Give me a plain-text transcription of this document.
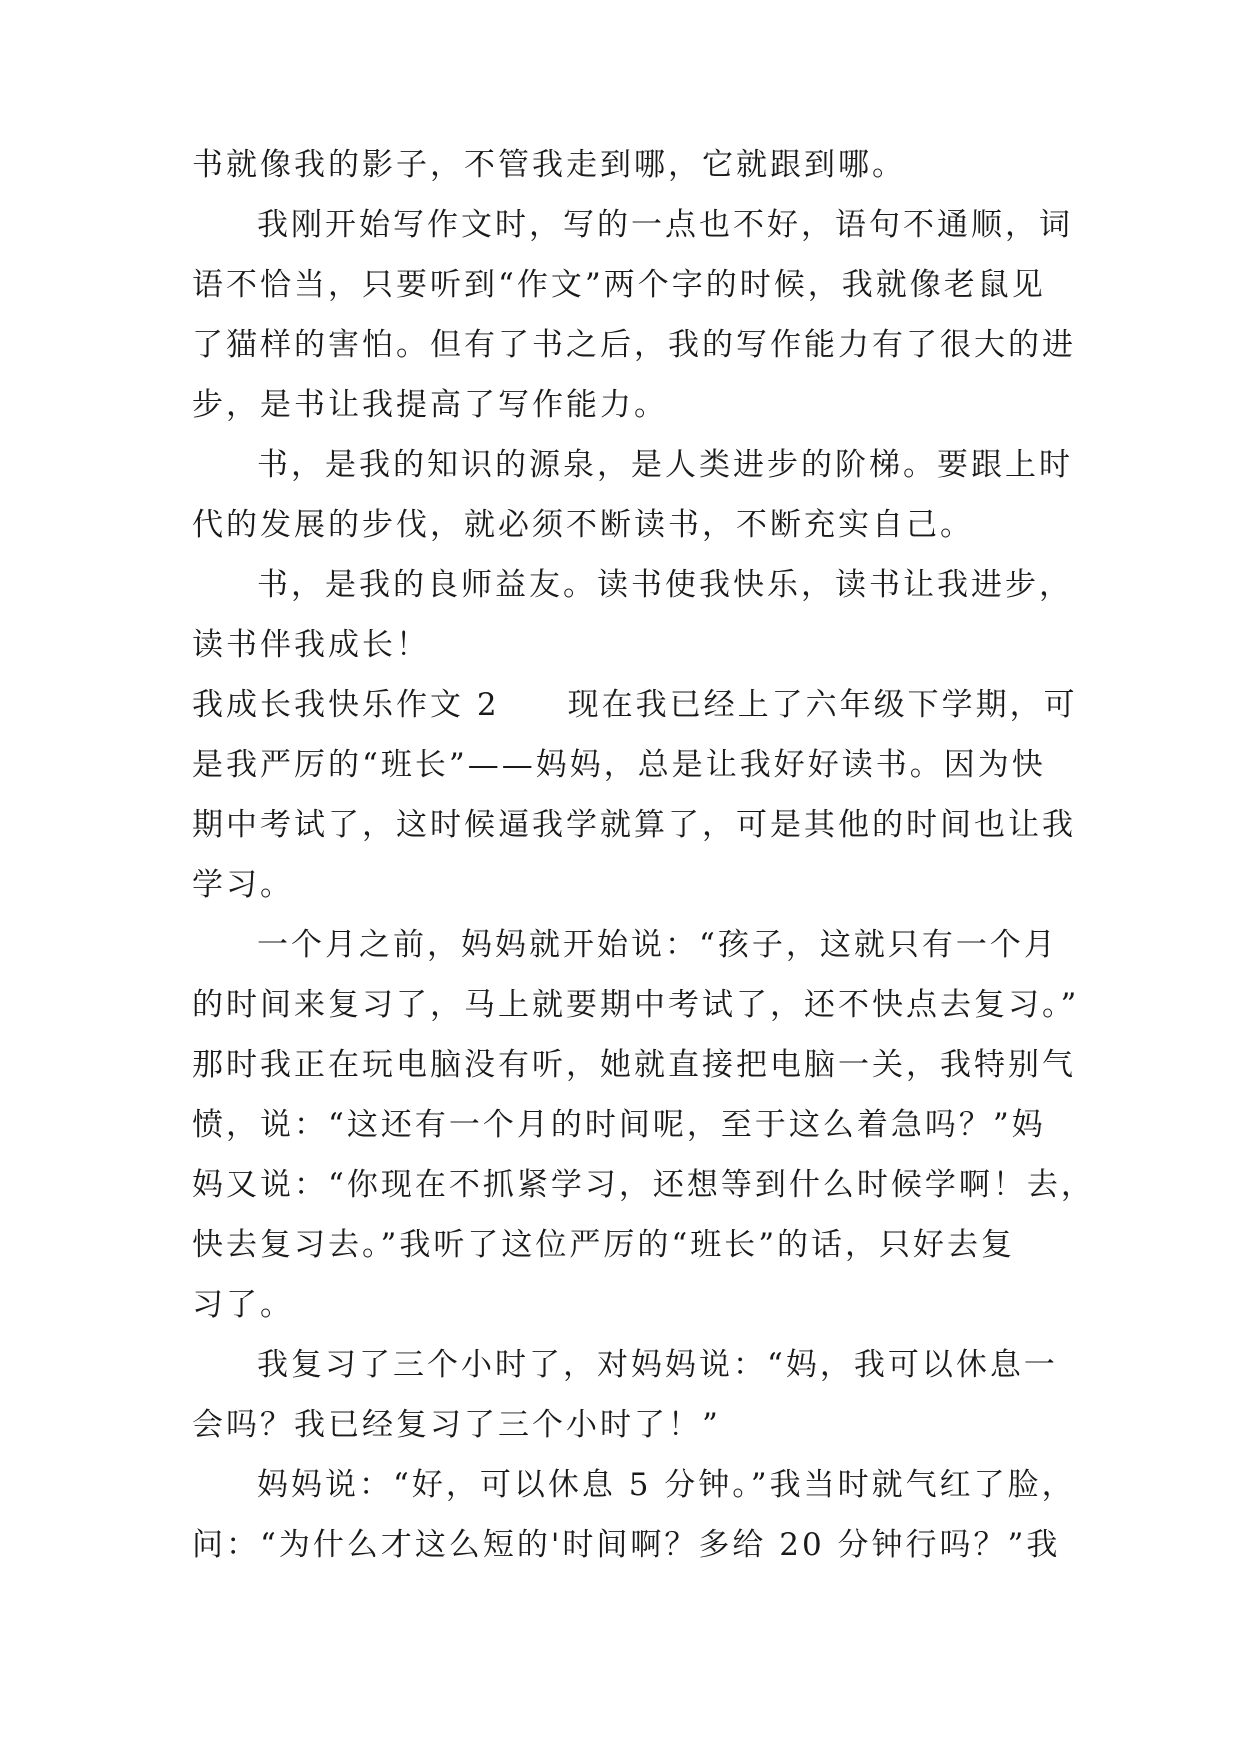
书就像我的影子，不管我走到哪，它就跟到哪。

我刚开始写作文时，写的一点也不好，语句不通顺，词

语不恰当，只要听到“作文”两个字的时候，我就像老鼠见

了猫样的害怕。但有了书之后，我的写作能力有了很大的进

步，是书让我提高了写作能力。

书，是我的知识的源泉，是人类进步的阶梯。要跟上时

代的发展的步伐，就必须不断读书，不断充实自己。

书，是我的良师益友。读书使我快乐，读书让我进步，

读书伴我成长！

我成长我快乐作文 2　　现在我已经上了六年级下学期，可

是我严厉的“班长”——妈妈，总是让我好好读书。因为快

期中考试了，这时候逼我学就算了，可是其他的时间也让我

学习。

一个月之前，妈妈就开始说：“孩子，这就只有一个月

的时间来复习了，马上就要期中考试了，还不快点去复习。”

那时我正在玩电脑没有听，她就直接把电脑一关，我特别气

愤，说：“这还有一个月的时间呢，至于这么着急吗？”妈

妈又说：“你现在不抓紧学习，还想等到什么时候学啊！去，

快去复习去。”我听了这位严厉的“班长”的话，只好去复

习了。

我复习了三个小时了，对妈妈说：“妈，我可以休息一

会吗？我已经复习了三个小时了！”

妈妈说：“好，可以休息 5 分钟。”我当时就气红了脸，

问：“为什么才这么短的'时间啊？多给 20 分钟行吗？”我
